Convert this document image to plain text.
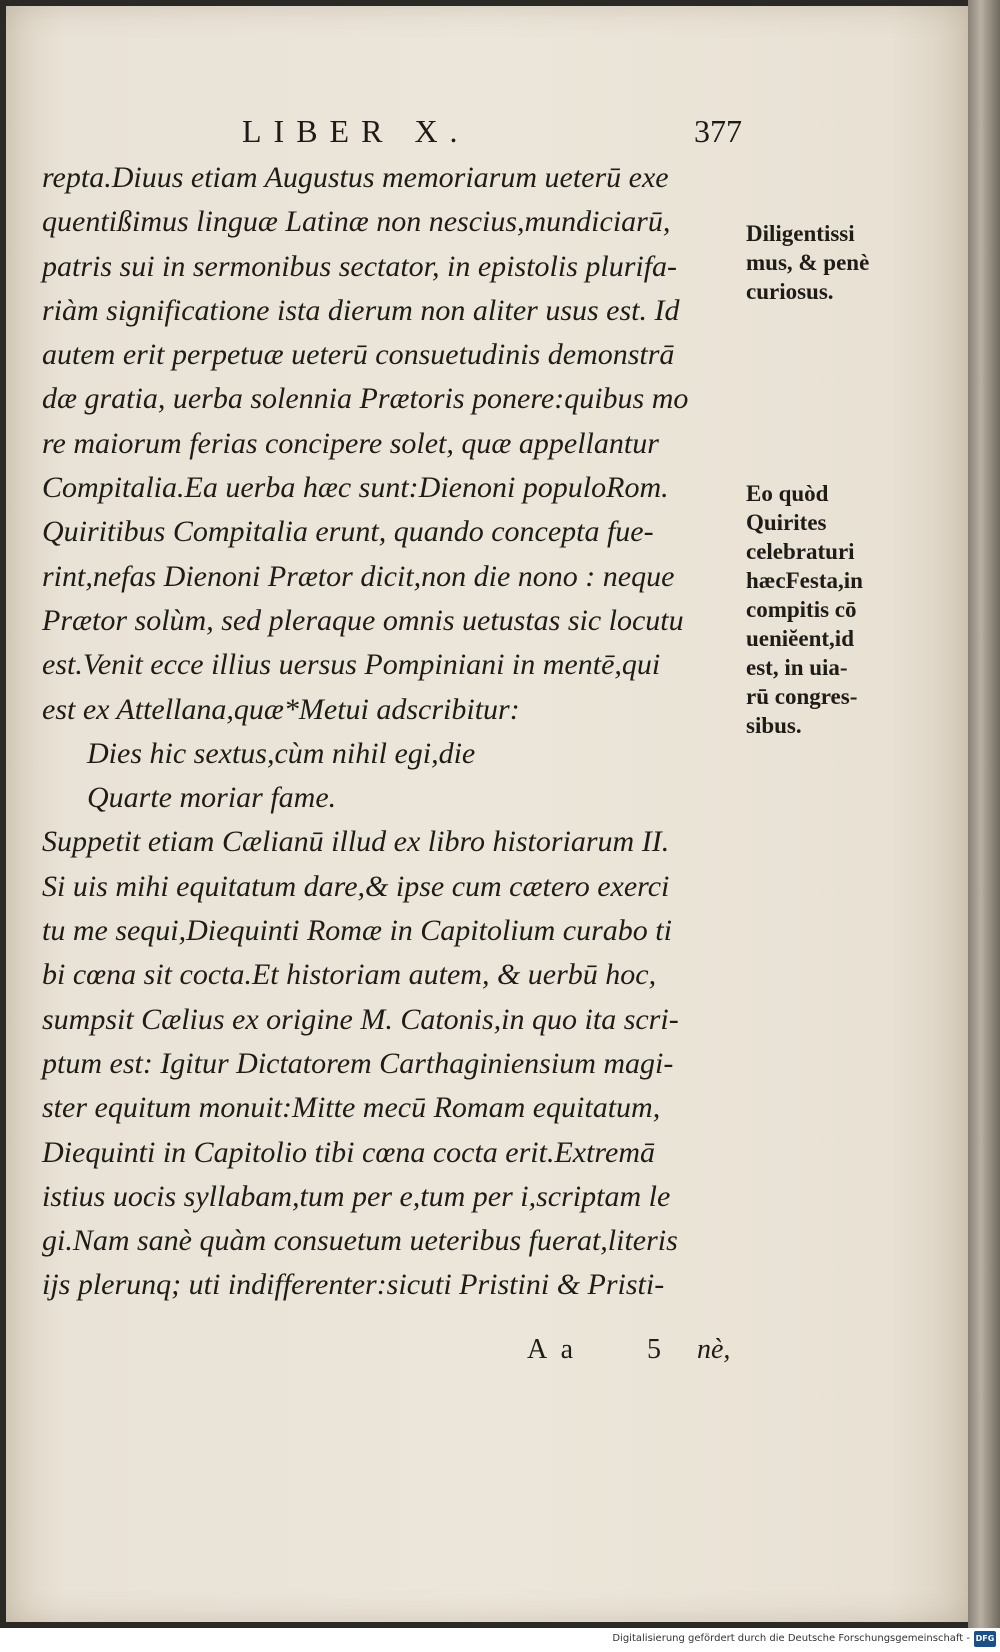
LIBER X.	377
repta.Diuus etiam Augustus memoriarum ueterū exe
quentißimus linguæ Latinæ non nescius,mundiciarū,
patris sui in sermonibus sectator, in epistolis plurifa-
riàm significatione ista dierum non aliter usus est. Id
autem erit perpetuæ ueterū consuetudinis demonstrā
dæ gratia, uerba solennia Prætoris ponere:quibus mo
re maiorum ferias concipere solet, quæ appellantur
Compitalia.Ea uerba hæc sunt:Dienoni populoRom.
Quiritibus Compitalia erunt, quando concepta fue-
rint,nefas Dienoni Prætor dicit,non die nono : neque
Prætor solùm, sed pleraque omnis uetustas sic locutu
est.Venit ecce illius uersus Pompiniani in mentē,qui
est ex Attellana,quæ*Metui adscribitur:
Dies hic sextus,cùm nihil egi,die
Quarte moriar fame.
Suppetit etiam Cælianū illud ex libro historiarum II.
Si uis mihi equitatum dare,& ipse cum cætero exerci
tu me sequi,Diequinti Romæ in Capitolium curabo ti
bi cœna sit cocta.Et historiam autem, & uerbū hoc,
sumpsit Cælius ex origine M. Catonis,in quo ita scri-
ptum est: Igitur Dictatorem Carthaginiensium magi-
ster equitum monuit:Mitte mecū Romam equitatum,
Diequinti in Capitolio tibi cœna cocta erit.Extremā
istius uocis syllabam,tum per e,tum per i,scriptam le
gi.Nam sanè quàm consuetum ueteribus fuerat,literis
ijs plerunq; uti indifferenter:sicuti Pristini & Pristi-
A a 5 nè,
Diligentissi
mus, & penè
curiosus.
Eo quòd
Quirites
celebraturi
hæcFesta,in
compitis cō
ueniĕent,id
est, in uia-
rū congres-
sibus.
Digitalisierung gefördert durch die Deutsche Forschungsgemeinschaft - DFG
